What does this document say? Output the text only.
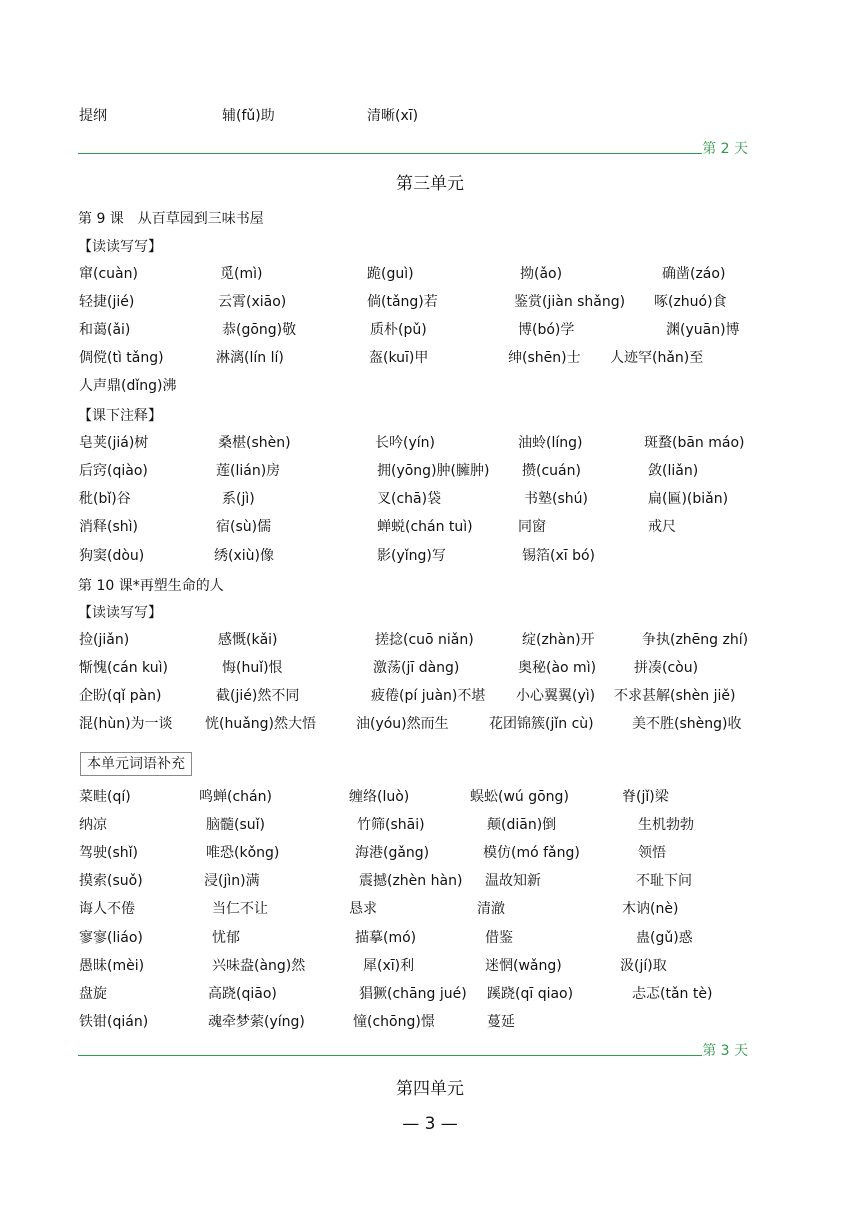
提纲	辅(fǔ)助	清晰(xī)
第 2 天
第三单元
第 9 课　从百草园到三味书屋
【读读写写】
窜(cuàn)	觅(mì)	跪(guì)	拗(ǎo)	确凿(záo)
轻捷(jié)	云霄(xiāo)	倘(tǎng)若	鉴赏(jiàn shǎng) 啄(zhuó)食
和蔼(ǎi)	恭(gōng)敬	质朴(pǔ)	博(bó)学	渊(yuān)博
倜傥(tì tǎng)	淋漓(lín lí)	盔(kuī)甲	绅(shēn)士 人迹罕(hǎn)至
人声鼎(dǐng)沸
【课下注释】
皂荚(jiá)树	桑椹(shèn)	长吟(yín)	油蛉(líng)	斑蝥(bān máo)
后窍(qiào)	莲(lián)房	拥(yōng)肿(臃肿) 攒(cuán)	敛(liǎn)
秕(bǐ)谷	系(jì)	叉(chā)袋	书塾(shú)	扁(匾)(biǎn)
消释(shì)	宿(sù)儒	蝉蜕(chán tuì)	同窗	戒尺
狗窦(dòu)	绣(xiù)像	影(yǐng)写	锡箔(xī bó)
第 10 课*再塑生命的人
【读读写写】
捡(jiǎn)	感慨(kǎi)	搓捻(cuō niǎn)	绽(zhàn)开	争执(zhēng zhí)
惭愧(cán kuì)	悔(huǐ)恨	激荡(jī dàng)	奥秘(ào mì)	拼凑(còu)
企盼(qǐ pàn)	截(jié)然不同	疲倦(pí juàn)不堪 小心翼翼(yì) 不求甚解(shèn jiě)
混(hùn)为一谈 恍(huǎng)然大悟	油(yóu)然而生	花团锦簇(jǐn cù)	美不胜(shèng)收
本单元词语补充
菜畦(qí)	鸣蝉(chán)	缠络(luò)	蜈蚣(wú gōng)	脊(jǐ)梁
纳凉	脑髓(suǐ)	竹筛(shāi)	颠(diān)倒	生机勃勃
驾驶(shǐ)	唯恐(kǒng)	海港(gǎng)	模仿(mó fǎng)	领悟
摸索(suǒ)	浸(jìn)满	震撼(zhèn hàn) 温故知新	不耻下问
诲人不倦	当仁不让	恳求	清澈	木讷(nè)
寥寥(liáo)	忧郁	描摹(mó)	借鉴	蛊(gǔ)惑
愚昧(mèi)	兴味盎(àng)然	犀(xī)利	迷惘(wǎng)	汲(jí)取
盘旋	高跷(qiāo)	猖獗(chāng jué) 蹊跷(qī qiao)	忐忑(tǎn tè)
铁钳(qián)	魂牵梦萦(yíng)	憧(chōng)憬	蔓延
第 3 天
第四单元
— 3 —
